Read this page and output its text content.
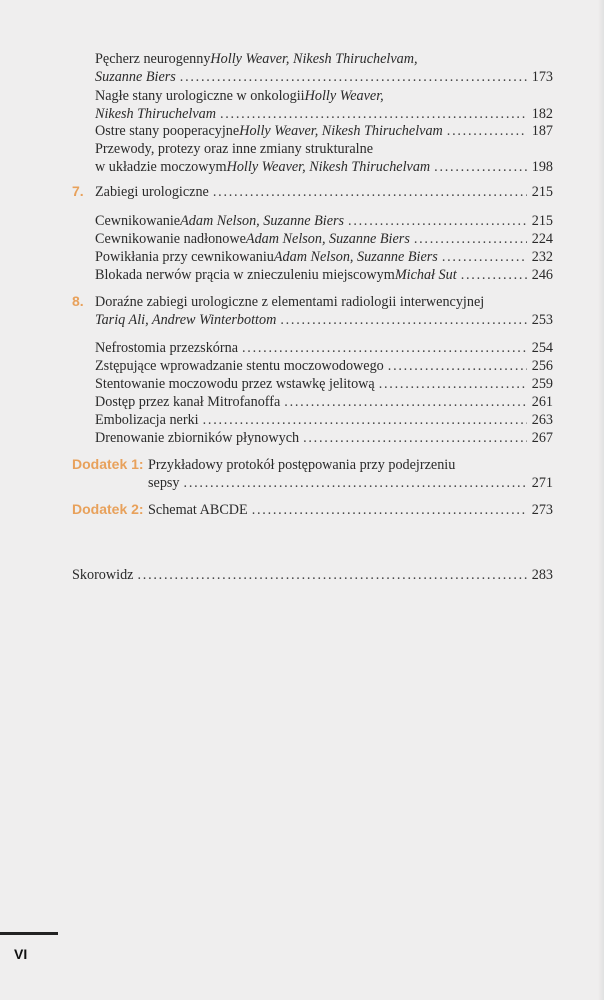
Pęcherz neurogenny Holly Weaver, Nikesh Thiruchelvam,
Suzanne Biers . . .	173
Nagłe stany urologiczne w onkologii Holly Weaver,
Nikesh Thiruchelvam . . .	182
Ostre stany pooperacyjne Holly Weaver, Nikesh Thiruchelvam . . .	187
Przewody, protezy oraz inne zmiany strukturalne
w układzie moczowym Holly Weaver, Nikesh Thiruchelvam . . .	198
7. Zabiegi urologiczne . . .	215
Cewnikowanie Adam Nelson, Suzanne Biers . . .	215
Cewnikowanie nadłonowe Adam Nelson, Suzanne Biers . . .	224
Powikłania przy cewnikowaniu Adam Nelson, Suzanne Biers . . .	232
Blokada nerwów prącia w znieczuleniu miejscowym Michał Sut . . .	246
8. Doraźne zabiegi urologiczne z elementami radiologii interwencyjnej
Tariq Ali, Andrew Winterbottom . . .	253
Nefrostomia przezskórna . . .	254
Zstępujące wprowadzanie stentu moczowodowego . . .	256
Stentowanie moczowodu przez wstawkę jelitową . . .	259
Dostęp przez kanał Mitrofanoffa . . .	261
Embolizacja nerki . . .	263
Drenowanie zbiorników płynowych . . .	267
Dodatek 1: Przykładowy protokół postępowania przy podejrzeniu
sepsy . . .	271
Dodatek 2: Schemat ABCDE . . .	273
Skorowidz . . .	283
VI
